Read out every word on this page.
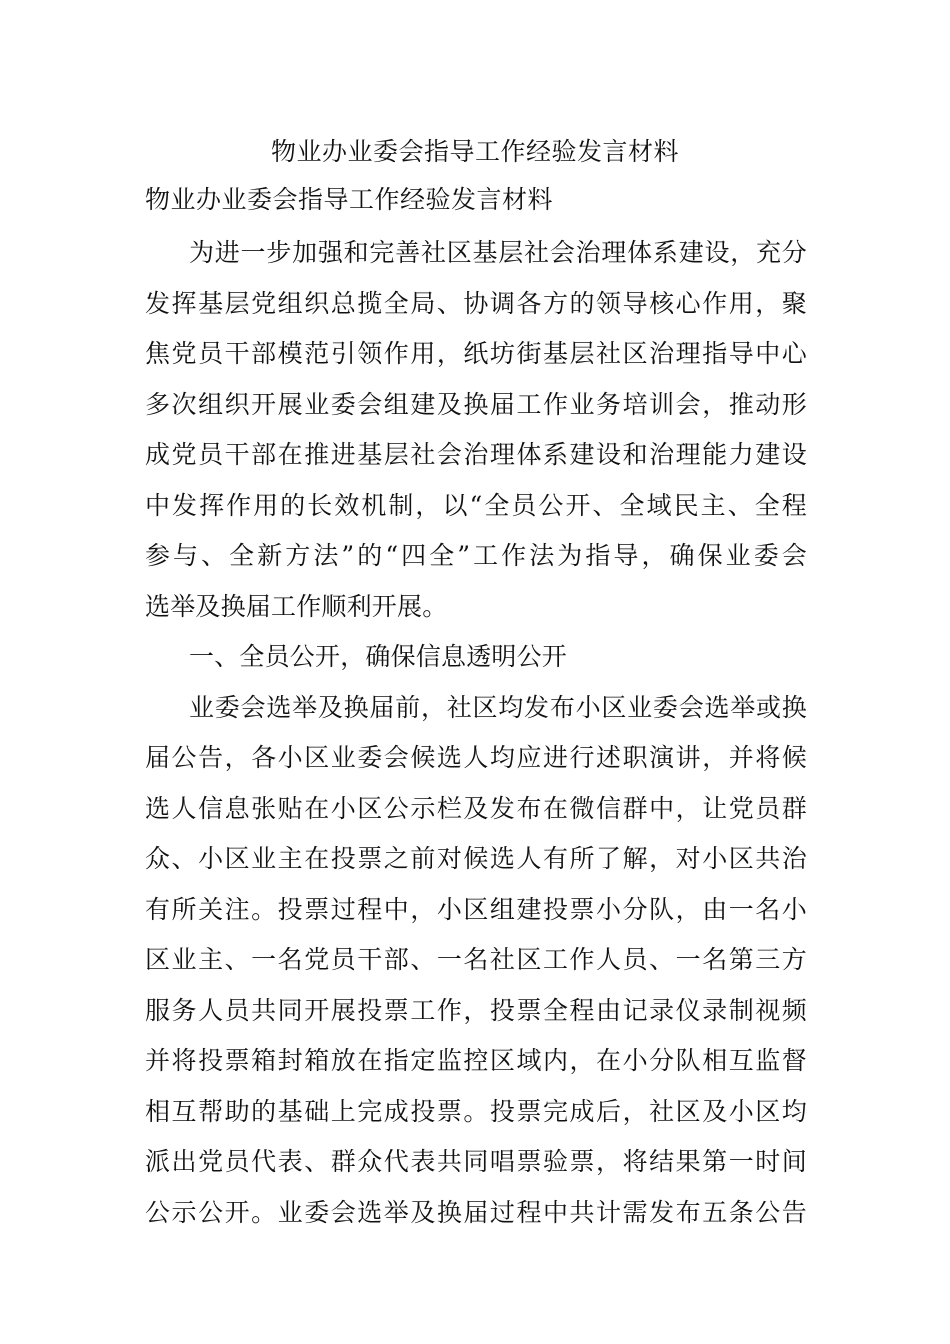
物业办业委会指导工作经验发言材料
物业办业委会指导工作经验发言材料
为进一步加强和完善社区基层社会治理体系建设，充分
发挥基层党组织总揽全局、协调各方的领导核心作用，聚
焦党员干部模范引领作用，纸坊街基层社区治理指导中心
多次组织开展业委会组建及换届工作业务培训会，推动形
成党员干部在推进基层社会治理体系建设和治理能力建设
中发挥作用的长效机制，以“全员公开、全域民主、全程
参与、全新方法”的“四全”工作法为指导，确保业委会
选举及换届工作顺利开展。
一、全员公开，确保信息透明公开
业委会选举及换届前，社区均发布小区业委会选举或换
届公告，各小区业委会候选人均应进行述职演讲，并将候
选人信息张贴在小区公示栏及发布在微信群中，让党员群
众、小区业主在投票之前对候选人有所了解，对小区共治
有所关注。投票过程中，小区组建投票小分队，由一名小
区业主、一名党员干部、一名社区工作人员、一名第三方
服务人员共同开展投票工作，投票全程由记录仪录制视频
并将投票箱封箱放在指定监控区域内，在小分队相互监督
相互帮助的基础上完成投票。投票完成后，社区及小区均
派出党员代表、群众代表共同唱票验票，将结果第一时间
公示公开。业委会选举及换届过程中共计需发布五条公告
